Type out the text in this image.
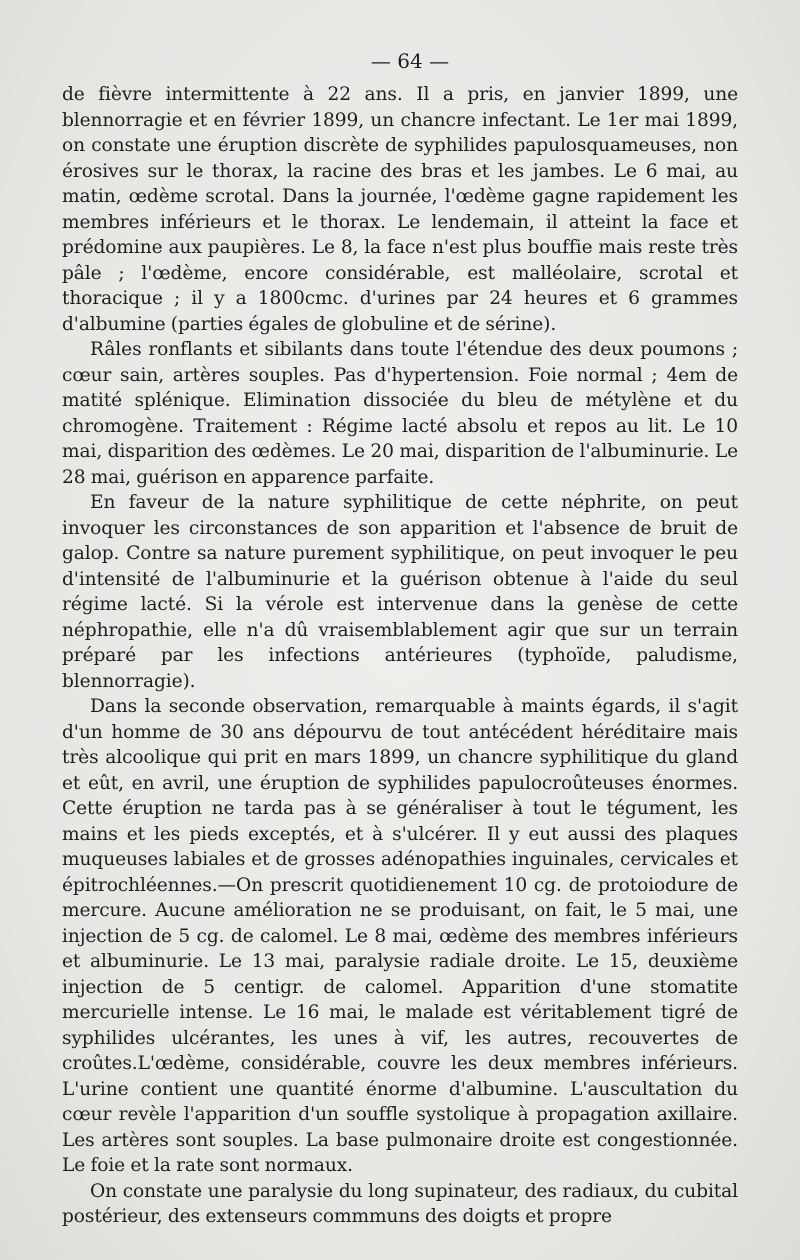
— 64 —

de fièvre intermittente à 22 ans. Il a pris, en janvier 1899, une blennorragie et en février 1899, un chancre infectant. Le 1er mai 1899, on constate une éruption discrète de syphilides papulosquameuses, non érosives sur le thorax, la racine des bras et les jambes. Le 6 mai, au matin, œdème scrotal. Dans la journée, l'œdème gagne rapidement les membres inférieurs et le thorax. Le lendemain, il atteint la face et prédomine aux paupières. Le 8, la face n'est plus bouffie mais reste très pâle ; l'œdème, encore considérable, est malléolaire, scrotal et thoracique ; il y a 1800cmc. d'urines par 24 heures et 6 grammes d'albumine (parties égales de globuline et de sérine).

Râles ronflants et sibilants dans toute l'étendue des deux poumons ; cœur sain, artères souples. Pas d'hypertension. Foie normal ; 4em de matité splénique. Elimination dissociée du bleu de métylène et du chromogène. Traitement : Régime lacté absolu et repos au lit. Le 10 mai, disparition des œdèmes. Le 20 mai, disparition de l'albuminurie. Le 28 mai, guérison en apparence parfaite.

En faveur de la nature syphilitique de cette néphrite, on peut invoquer les circonstances de son apparition et l'absence de bruit de galop. Contre sa nature purement syphilitique, on peut invoquer le peu d'intensité de l'albuminurie et la guérison obtenue à l'aide du seul régime lacté. Si la vérole est intervenue dans la genèse de cette néphropathie, elle n'a dû vraisemblablement agir que sur un terrain préparé par les infections antérieures (typhoïde, paludisme, blennorragie).

Dans la seconde observation, remarquable à maints égards, il s'agit d'un homme de 30 ans dépourvu de tout antécédent héréditaire mais très alcoolique qui prit en mars 1899, un chancre syphilitique du gland et eût, en avril, une éruption de syphilides papulocroûteuses énormes. Cette éruption ne tarda pas à se généraliser à tout le tégument, les mains et les pieds exceptés, et à s'ulcérer. Il y eut aussi des plaques muqueuses labiales et de grosses adénopathies inguinales, cervicales et épitrochléennes.—On prescrit quotidienement 10 cg. de protoiodure de mercure. Aucune amélioration ne se produisant, on fait, le 5 mai, une injection de 5 cg. de calomel. Le 8 mai, œdème des membres inférieurs et albuminurie. Le 13 mai, paralysie radiale droite. Le 15, deuxième injection de 5 centigr. de calomel. Apparition d'une stomatite mercurielle intense. Le 16 mai, le malade est véritablement tigré de syphilides ulcérantes, les unes à vif, les autres, recouvertes de croûtes.L'œdème, considérable, couvre les deux membres inférieurs. L'urine contient une quantité énorme d'albumine. L'auscultation du cœur revèle l'apparition d'un souffle systolique à propagation axillaire. Les artères sont souples. La base pulmonaire droite est congestionnée. Le foie et la rate sont normaux.

On constate une paralysie du long supinateur, des radiaux, du cubital postérieur, des extenseurs commmuns des doigts et propre
